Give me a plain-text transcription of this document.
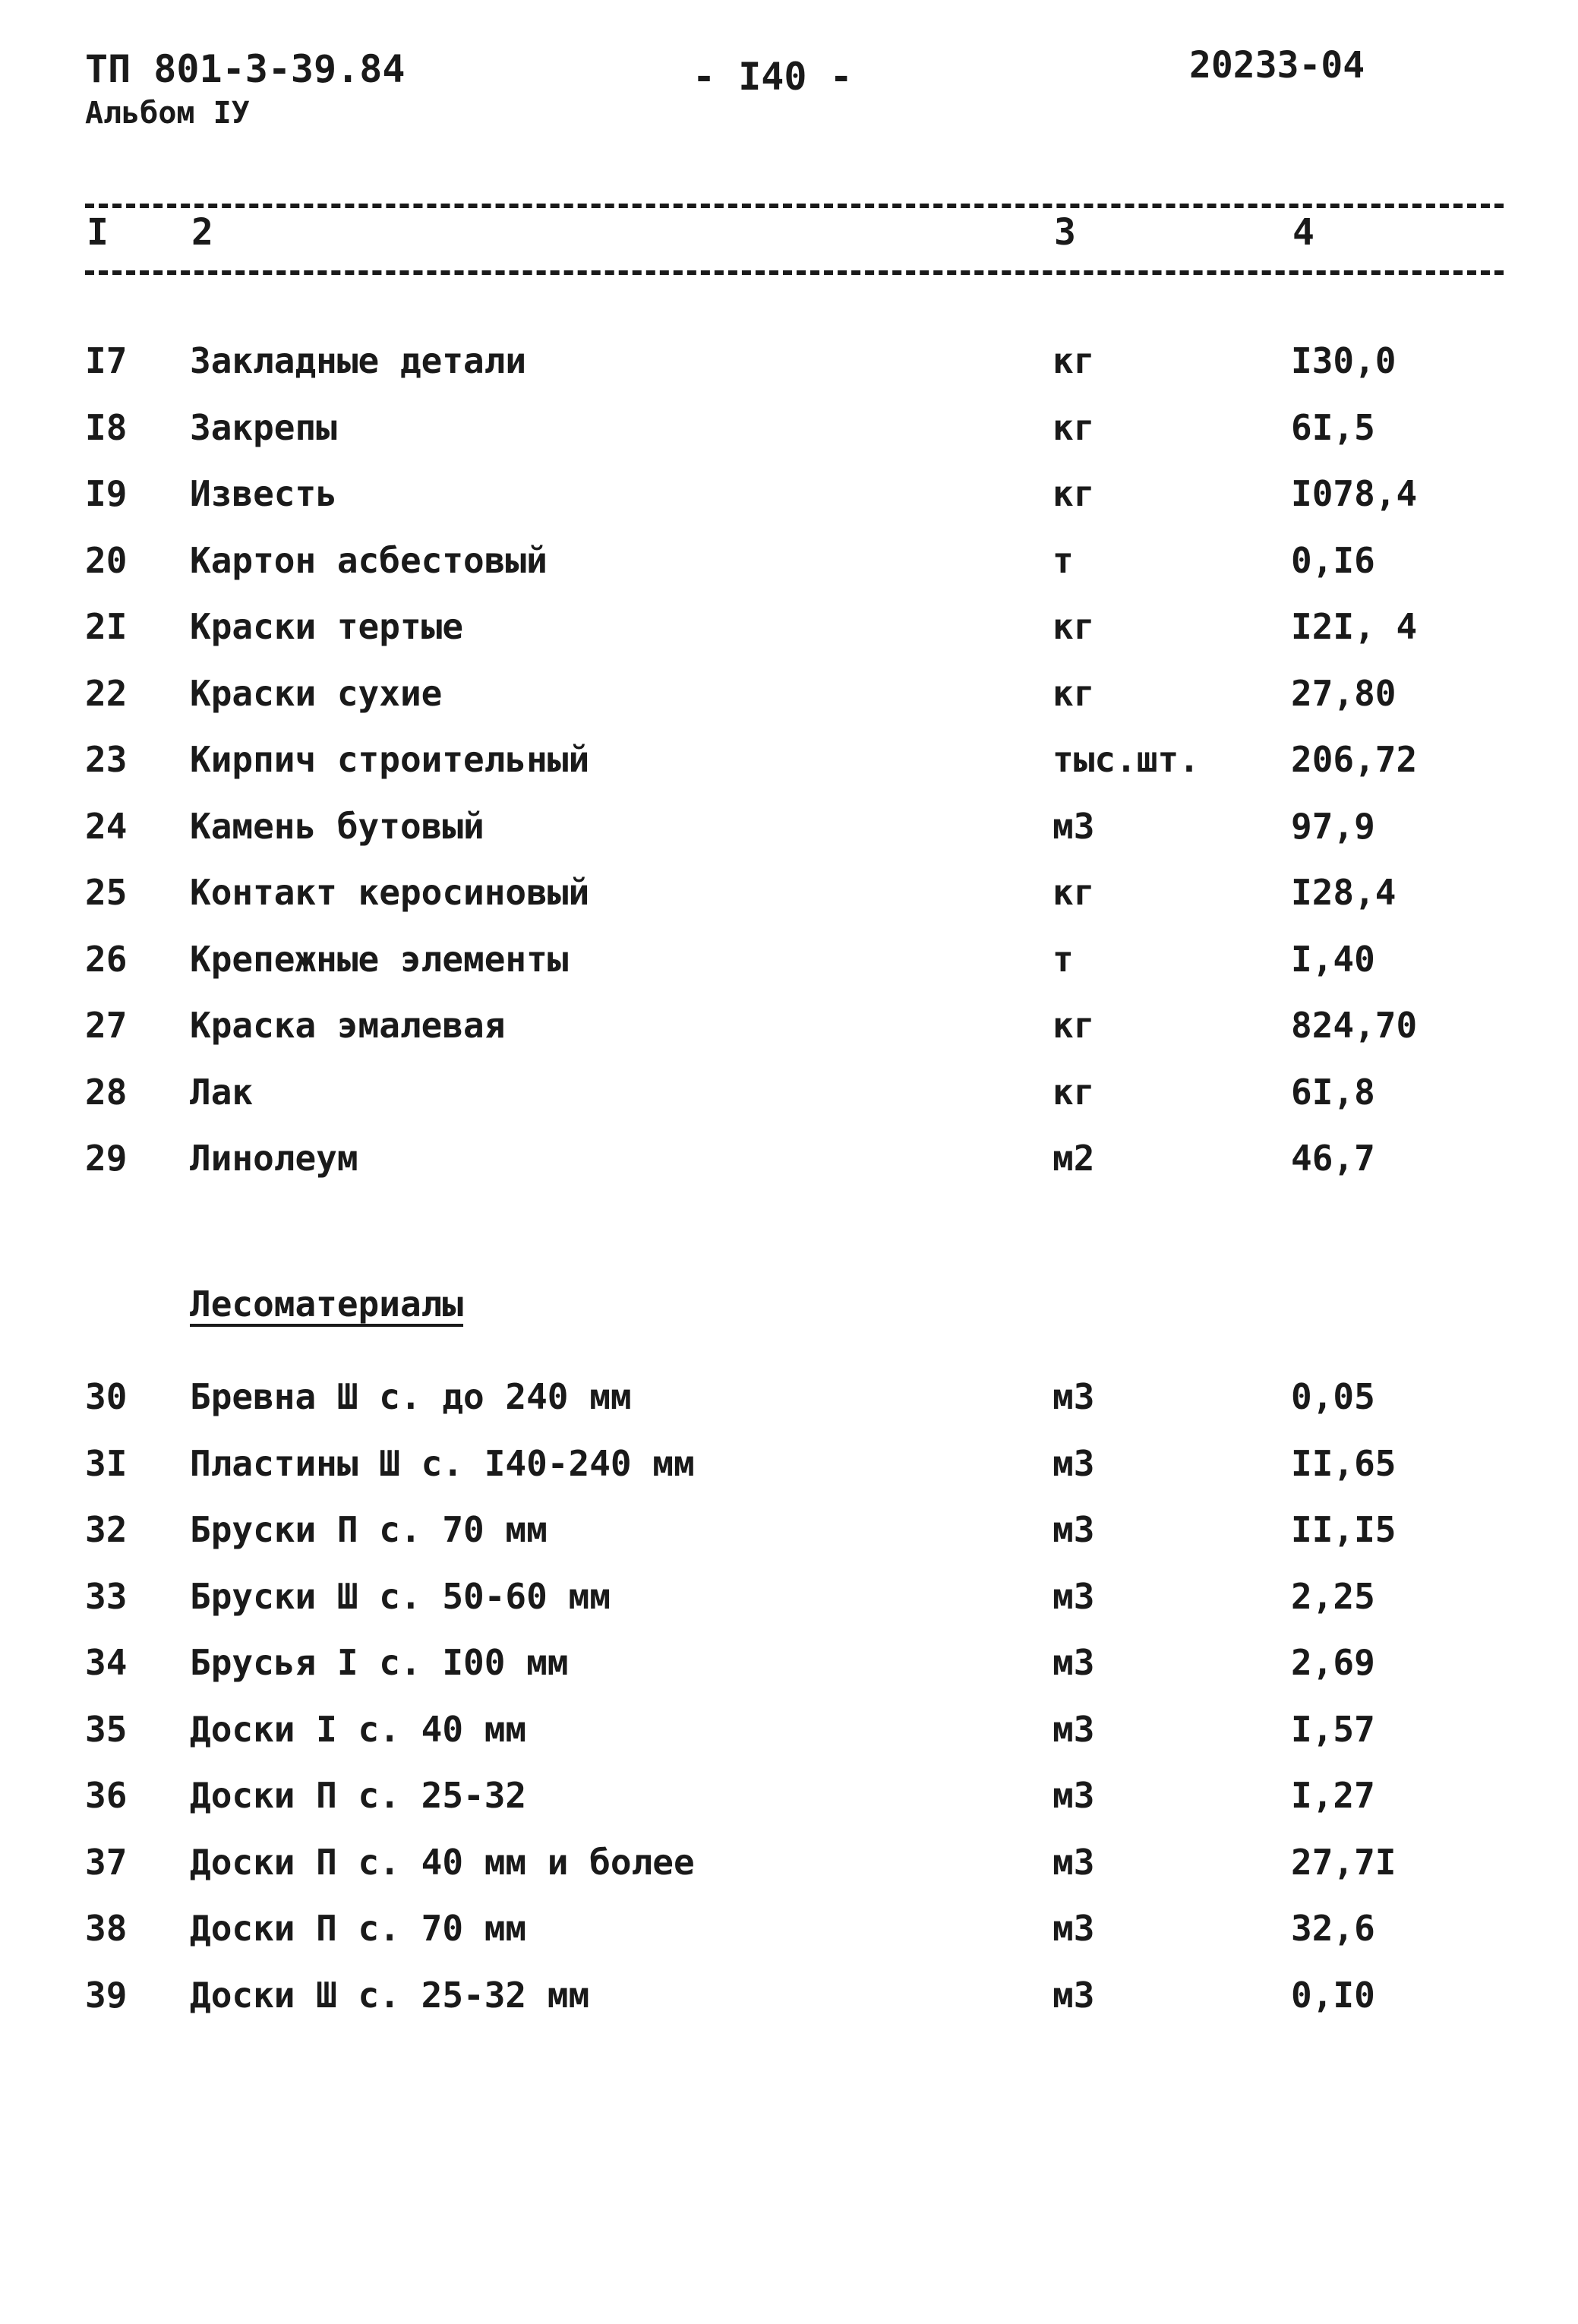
ТП 801-3-39.84
Альбом IУ
- I40 -	20233-04
I 2	3	4
I7 Закладные детали	кг	I30,0
I8 Закрепы	кг	6I,5
I9 Известь	кг	I078,4
20 Картон асбестовый	т	0,I6
2I Краски тертые	кг	I2I, 4
22 Краски сухие	кг	27,80
23 Кирпич строительный	тыс.шт.	206,72
24 Камень бутовый	м3	97,9
25 Контакт керосиновый	кг	I28,4
26 Крепежные элементы	т	I,40
27 Краска эмалевая	кг	824,70
28 Лак	кг	6I,8
29 Линолеум	м2	46,7
Лесоматериалы
30 Бревна Ш с. до 240 мм	м3	0,05
3I Пластины Ш с. I40-240 мм	м3	II,65
32 Бруски П с. 70 мм	м3	II,I5
33 Бруски Ш с. 50-60 мм	м3	2,25
34 Брусья I с. I00 мм	м3	2,69
35 Доски I с. 40 мм	м3	I,57
36 Доски П с. 25-32	м3	I,27
37 Доски П с. 40 мм и более	м3	27,7I
38 Доски П с. 70 мм	м3	32,6
39 Доски Ш с. 25-32 мм	м3	0,I0
